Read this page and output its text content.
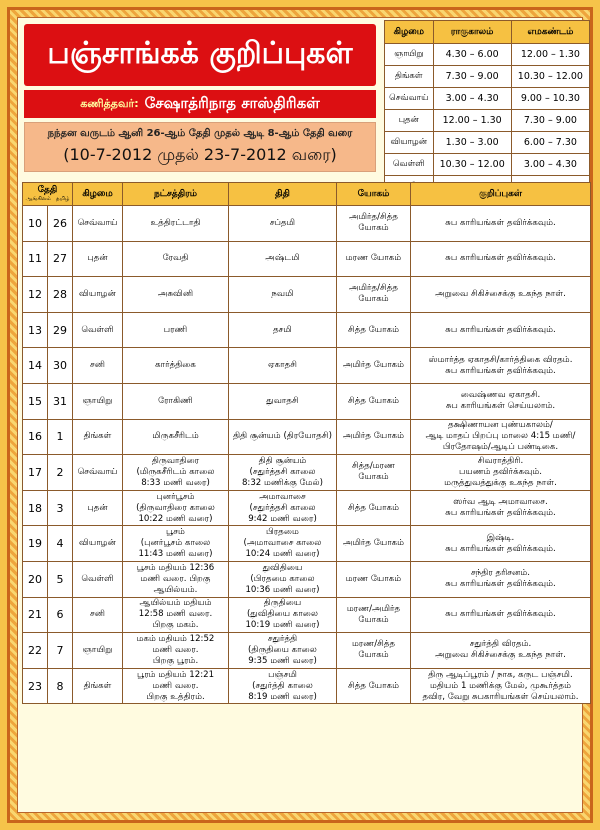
பஞ்சாங்கக் குறிப்புகள்
கணித்தவர்: சேஷாத்ரிநாத சாஸ்திரிகள்
நந்தன வருடம் ஆனி 26-ஆம் தேதி முதல் ஆடி 8-ஆம் தேதி வரை
(10-7-2012 முதல் 23-7-2012 வரை)
கிழமை	ராகுகாலம்	எமகண்டம்
ஞாயிறு	4.30 – 6.00	12.00 – 1.30
திங்கள்	7.30 – 9.00	10.30 – 12.00
செவ்வாய்	3.00 – 4.30	9.00 – 10.30
புதன்	12.00 – 1.30	7.30 – 9.00
வியாழன்	1.30 – 3.00	6.00 – 7.30
வெள்ளி	10.30 – 12.00	3.00 – 4.30

தேதி
ஆங்கிலம் தமிழ்		கிழமை	நட்சத்திரம்	திதி	யோகம்	குறிப்புகள்
10	26	செவ்வாய்	உத்திரட்டாதி	சப்தமி	அமிர்த/சித்த
யோகம்	சுப காரியங்கள் தவிர்க்கவும்.
11	27	புதன்	ரேவதி	அஷ்டமி	மரண யோகம்	சுப காரியங்கள் தவிர்க்கவும்.
12	28	வியாழன்	அசுவினி	நவமி	அமிர்த/சித்த
யோகம்	அறுவை சிகிச்சைக்கு உகந்த நாள்.
13	29	வெள்ளி	பரணி	தசமி	சித்த யோகம்	சுப காரியங்கள் தவிர்க்கவும்.
14	30	சனி	கார்த்திகை	ஏகாதசி	அமிர்த யோகம்	ஸ்மார்த்த ஏகாதசி/கார்த்திகை விரதம்.
சுப காரியங்கள் தவிர்க்கவும்.
15	31	ஞாயிறு	ரோகிணி	துவாதசி	சித்த யோகம்	வைஷ்ணவ ஏகாதசி.
சுப காரியங்கள் செய்யலாம்.
16	1	திங்கள்	மிருகசீரிடம்	திதி சூன்யம் (திரயோதசி)	அமிர்த யோகம்	தக்ஷிணாயன புண்யகாலம்/
ஆடி மாதப் பிறப்பு மாலை 4:15 மணி/
பிரதோஷம்/ஆடிப் பண்டிகை.
17	2	செவ்வாய்	திருவாதிரை
(மிருகசீரிடம் காலை
8:33 மணி வரை)	திதி சூன்யம்
(சதுர்த்தசி காலை
8:32 மணிக்கு மேல்)	சித்த/மரண
யோகம்	சிவராத்திரி.
பயணம் தவிர்க்கவும்.
மருத்துவத்துக்கு உகந்த நாள்.
18	3	புதன்	புனர்பூசம்
(திருவாதிரை காலை
10:22 மணி வரை)	அமாவாசை
(சதுர்த்தசி காலை
9:42 மணி வரை)	சித்த யோகம்	ஸர்வ ஆடி அமாவாசை.
சுப காரியங்கள் தவிர்க்கவும்.
19	4	வியாழன்	பூசம்
(புனர்பூசம் காலை
11:43 மணி வரை)	பிரதமை
(அமாவாசை காலை
10:24 மணி வரை)	அமிர்த யோகம்	இஷ்டி.
சுப காரியங்கள் தவிர்க்கவும்.
20	5	வெள்ளி	பூசம் மதியம் 12:36
மணி வரை. பிறகு
ஆயில்யம்.	துவிதியை
(பிரதமை காலை
10:36 மணி வரை)	மரண யோகம்	சந்திர தரிசனம்.
சுப காரியங்கள் தவிர்க்கவும்.
21	6	சனி	ஆயில்யம் மதியம்
12:58 மணி வரை.
பிறகு மகம்.	திருதியை
(துவிதியை காலை
10:19 மணி வரை)	மரண/அமிர்த
யோகம்	சுப காரியங்கள் தவிர்க்கவும்.
22	7	ஞாயிறு	மகம் மதியம் 12:52
மணி வரை.
பிறகு பூரம்.	சதுர்த்தி
(திருதியை காலை
9:35 மணி வரை)	மரண/சித்த
யோகம்	சதுர்த்தி விரதம்.
அறுவை சிகிச்சைக்கு உகந்த நாள்.
23	8	திங்கள்	பூரம் மதியம் 12:21
மணி வரை.
பிறகு உத்திரம்.	பஞ்சமி
(சதுர்த்தி காலை
8:19 மணி வரை)	சித்த யோகம்	திரு ஆடிப்பூரம் / நாக, கருட பஞ்சமி.
மதியம் 1 மணிக்கு மேல், முகூர்த்தம்
தவிர, வேறு சுபகாரியங்கள் செய்யலாம்.
